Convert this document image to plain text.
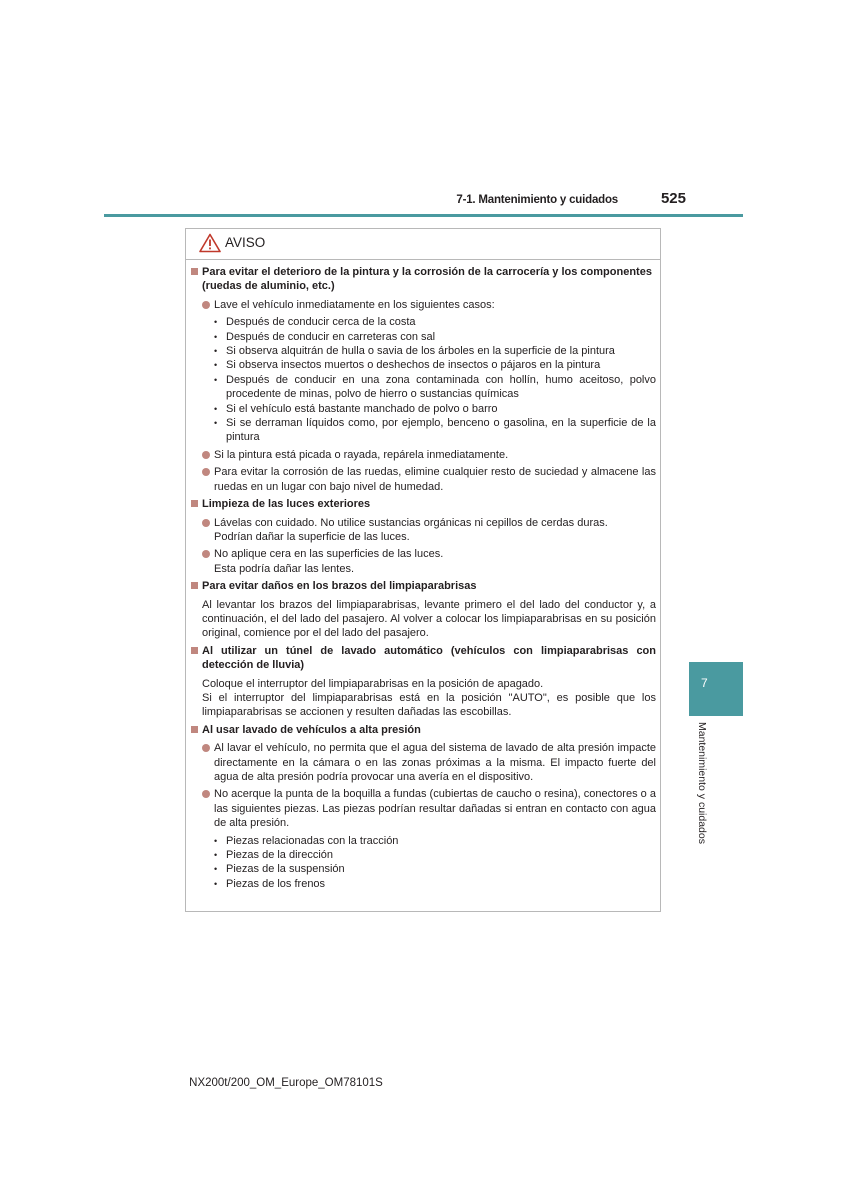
7-1. Mantenimiento y cuidados	525
7
Mantenimiento y cuidados
AVISO
Para evitar el deterioro de la pintura y la corrosión de la carrocería y los componentes (ruedas de aluminio, etc.)
Lave el vehículo inmediatamente en los siguientes casos:
• Después de conducir cerca de la costa
• Después de conducir en carreteras con sal
• Si observa alquitrán de hulla o savia de los árboles en la superficie de la pintura
• Si observa insectos muertos o deshechos de insectos o pájaros en la pintura
• Después de conducir en una zona contaminada con hollín, humo aceitoso, polvo procedente de minas, polvo de hierro o sustancias químicas
• Si el vehículo está bastante manchado de polvo o barro
• Si se derraman líquidos como, por ejemplo, benceno o gasolina, en la superficie de la pintura
Si la pintura está picada o rayada, repárela inmediatamente.
Para evitar la corrosión de las ruedas, elimine cualquier resto de suciedad y almacene las ruedas en un lugar con bajo nivel de humedad.
Limpieza de las luces exteriores
Lávelas con cuidado. No utilice sustancias orgánicas ni cepillos de cerdas duras.
Podrían dañar la superficie de las luces.
No aplique cera en las superficies de las luces.
Esta podría dañar las lentes.
Para evitar daños en los brazos del limpiaparabrisas
Al levantar los brazos del limpiaparabrisas, levante primero el del lado del conductor y, a continuación, el del lado del pasajero. Al volver a colocar los limpiaparabrisas en su posición original, comience por el del lado del pasajero.
Al utilizar un túnel de lavado automático (vehículos con limpiaparabrisas con detección de lluvia)
Coloque el interruptor del limpiaparabrisas en la posición de apagado.
Si el interruptor del limpiaparabrisas está en la posición "AUTO", es posible que los limpiaparabrisas se accionen y resulten dañadas las escobillas.
Al usar lavado de vehículos a alta presión
Al lavar el vehículo, no permita que el agua del sistema de lavado de alta presión impacte directamente en la cámara o en las zonas próximas a la misma. El impacto fuerte del agua de alta presión podría provocar una avería en el dispositivo.
No acerque la punta de la boquilla a fundas (cubiertas de caucho o resina), conectores o a las siguientes piezas. Las piezas podrían resultar dañadas si entran en contacto con agua de alta presión.
• Piezas relacionadas con la tracción
• Piezas de la dirección
• Piezas de la suspensión
• Piezas de los frenos
NX200t/200_OM_Europe_OM78101S
